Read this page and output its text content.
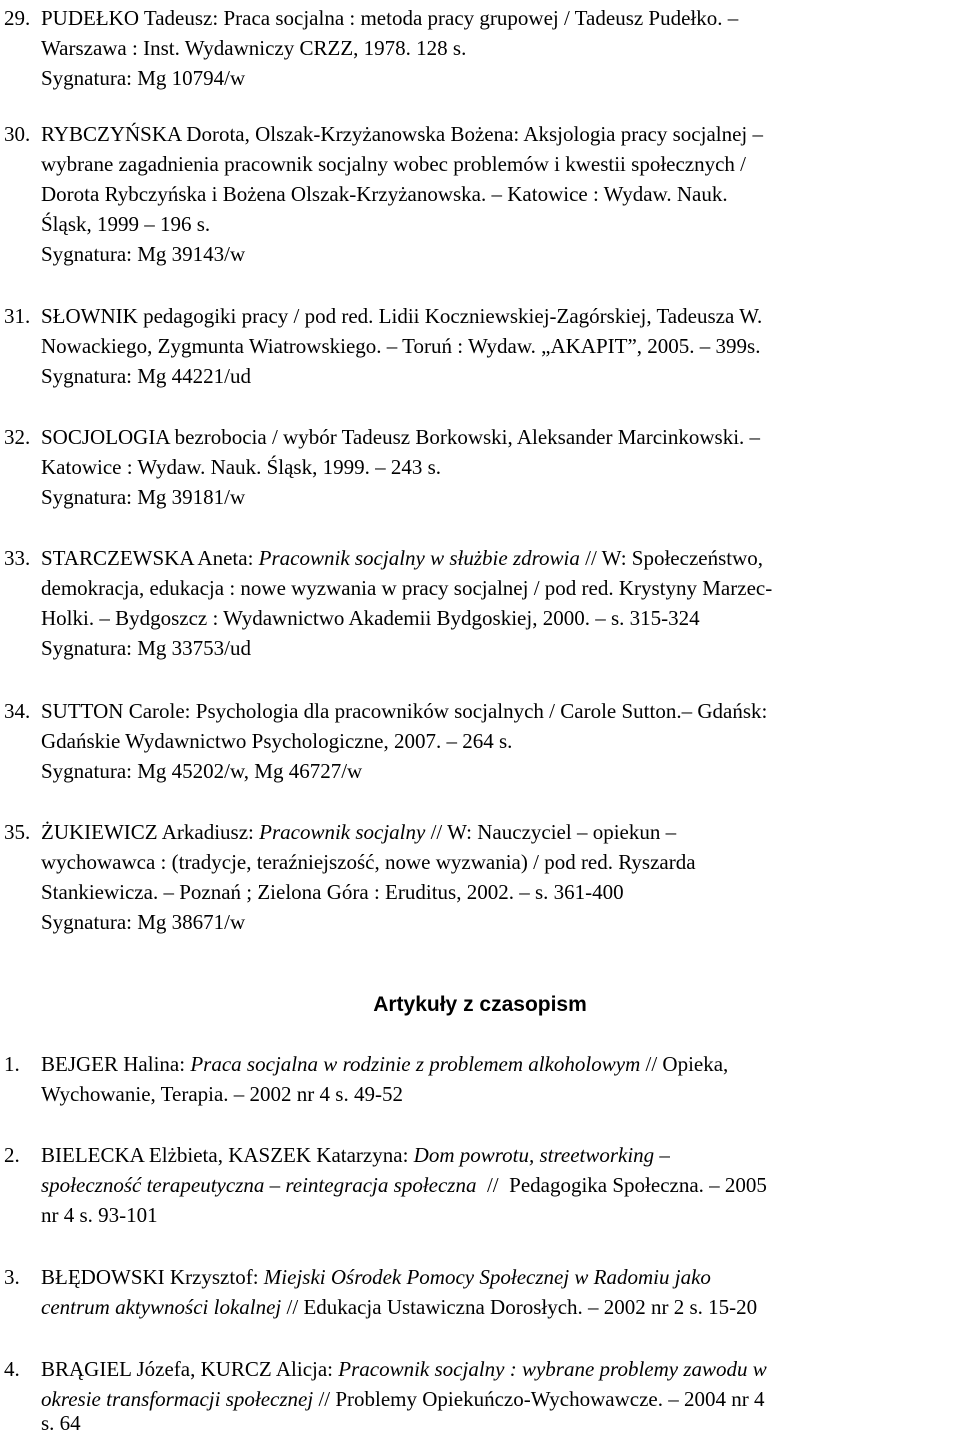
29. PUDEŁKO Tadeusz: Praca socjalna : metoda pracy grupowej / Tadeusz Pudełko. –
Warszawa : Inst. Wydawniczy CRZZ, 1978. 128 s.
Sygnatura: Mg 10794/w
30. RYBCZYŃSKA Dorota, Olszak-Krzyżanowska Bożena: Aksjologia pracy socjalnej –
wybrane zagadnienia pracownik socjalny wobec problemów i kwestii społecznych /
Dorota Rybczyńska i Bożena Olszak-Krzyżanowska. – Katowice : Wydaw. Nauk.
Śląsk, 1999 – 196 s.
Sygnatura: Mg 39143/w
31. SŁOWNIK pedagogiki pracy / pod red. Lidii Koczniewskiej-Zagórskiej, Tadeusza W.
Nowackiego, Zygmunta Wiatrowskiego. – Toruń : Wydaw. „AKAPIT”, 2005. – 399s.
Sygnatura: Mg 44221/ud
32. SOCJOLOGIA bezrobocia / wybór Tadeusz Borkowski, Aleksander Marcinkowski. –
Katowice : Wydaw. Nauk. Śląsk, 1999. – 243 s.
Sygnatura: Mg 39181/w
33. STARCZEWSKA Aneta: Pracownik socjalny w służbie zdrowia // W: Społeczeństwo,
demokracja, edukacja : nowe wyzwania w pracy socjalnej / pod red. Krystyny Marzec-
Holki. – Bydgoszcz : Wydawnictwo Akademii Bydgoskiej, 2000. – s. 315-324
Sygnatura: Mg 33753/ud
34. SUTTON Carole: Psychologia dla pracowników socjalnych / Carole Sutton.– Gdańsk:
Gdańskie Wydawnictwo Psychologiczne, 2007. – 264 s.
Sygnatura: Mg 45202/w, Mg 46727/w
35. ŻUKIEWICZ Arkadiusz: Pracownik socjalny // W: Nauczyciel – opiekun –
wychowawca : (tradycje, teraźniejszość, nowe wyzwania) / pod red. Ryszarda
Stankiewicza. – Poznań ; Zielona Góra : Eruditus, 2002. – s. 361-400
Sygnatura: Mg 38671/w
Artykuły z czasopism
1. BEJGER Halina: Praca socjalna w rodzinie z problemem alkoholowym // Opieka,
Wychowanie, Terapia. – 2002 nr 4 s. 49-52
2. BIELECKA Elżbieta, KASZEK Katarzyna: Dom powrotu, streetworking –
społeczność terapeutyczna – reintegracja społeczna  //  Pedagogika Społeczna. – 2005
nr 4 s. 93-101
3. BŁĘDOWSKI Krzysztof: Miejski Ośrodek Pomocy Społecznej w Radomiu jako
centrum aktywności lokalnej // Edukacja Ustawiczna Dorosłych. – 2002 nr 2 s. 15-20
4. BRĄGIEL Józefa, KURCZ Alicja: Pracownik socjalny : wybrane problemy zawodu w
okresie transformacji społecznej // Problemy Opiekuńczo-Wychowawcze. – 2004 nr 4
s. 64
